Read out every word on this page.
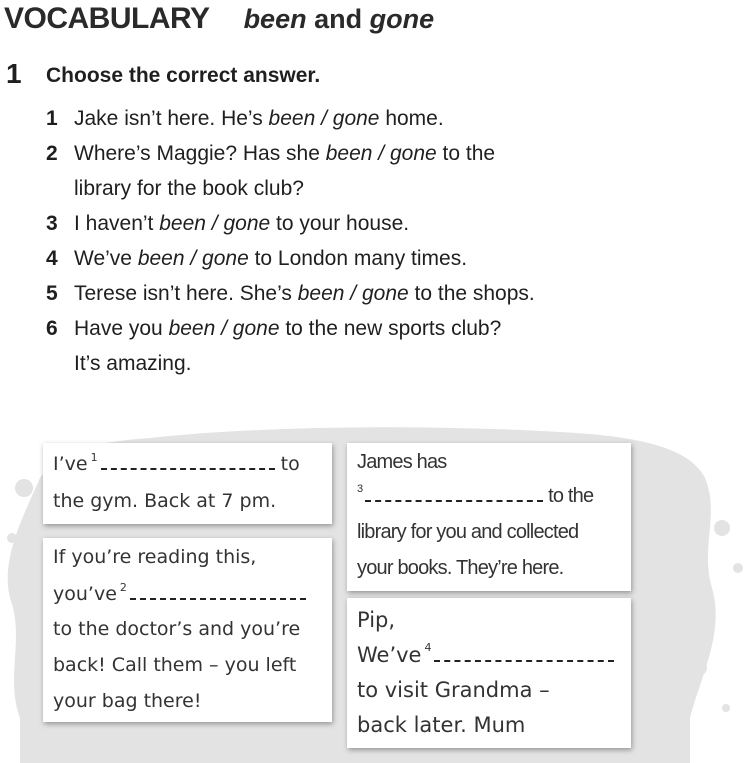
VOCABULARY been and gone
1 Choose the correct answer.
1 Jake isn’t here. He’s been / gone home.
2 Where’s Maggie? Has she been / gone to the
library for the book club?
3 I haven’t been / gone to your house.
4 We’ve been / gone to London many times.
5 Terese isn’t here. She’s been / gone to the shops.
6 Have you been / gone to the new sports club?
It’s amazing.
I’ve $^1$	to
the gym. Back at 7 pm.
If you’re reading this,
you’ve $^2$
to the doctor’s and you’re
back! Call them – you left
your bag there!
James has
$^3$	to the
library for you and collected
your books. They’re here.
Pip,
We’ve $^4$
to visit Grandma –
back later. Mum
